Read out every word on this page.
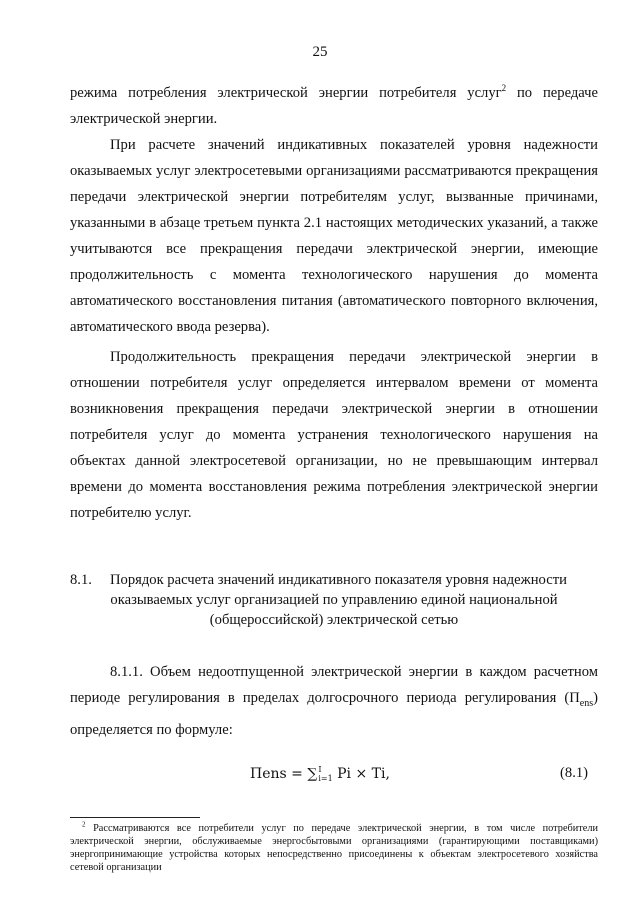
25
режима потребления электрической энергии потребителя услуг$^2$ по передаче электрической энергии.
При расчете значений индикативных показателей уровня надежности оказываемых услуг электросетевыми организациями рассматриваются прекращения передачи электрической энергии потребителям услуг, вызванные причинами, указанными в абзаце третьем пункта 2.1 настоящих методических указаний, а также учитываются все прекращения передачи электрической энергии, имеющие продолжительность с момента технологического нарушения до момента автоматического восстановления питания (автоматического повторного включения, автоматического ввода резерва).
Продолжительность прекращения передачи электрической энергии в отношении потребителя услуг определяется интервалом времени от момента возникновения прекращения передачи электрической энергии в отношении потребителя услуг до момента устранения технологического нарушения на объектах данной электросетевой организации, но не превышающим интервал времени до момента восстановления режима потребления электрической энергии потребителю услуг.
8.1.	Порядок расчета значений индикативного показателя уровня надежности
оказываемых услуг организацией по управлению единой национальной
(общероссийской) электрической сетью
8.1.1. Объем недоотпущенной электрической энергии в каждом расчетном периоде регулирования в пределах долгосрочного периода регулирования $(П_{ens})$ определяется по формуле:
Пens = ∑ I
i=1 Pi × Ti,	(8.1)
$^2$ Рассматриваются все потребители услуг по передаче электрической энергии, в том числе потребители электрической энергии, обслуживаемые энергосбытовыми организациями (гарантирующими поставщиками) энергопринимающие устройства которых непосредственно присоединены к объектам электросетевого хозяйства сетевой организации
